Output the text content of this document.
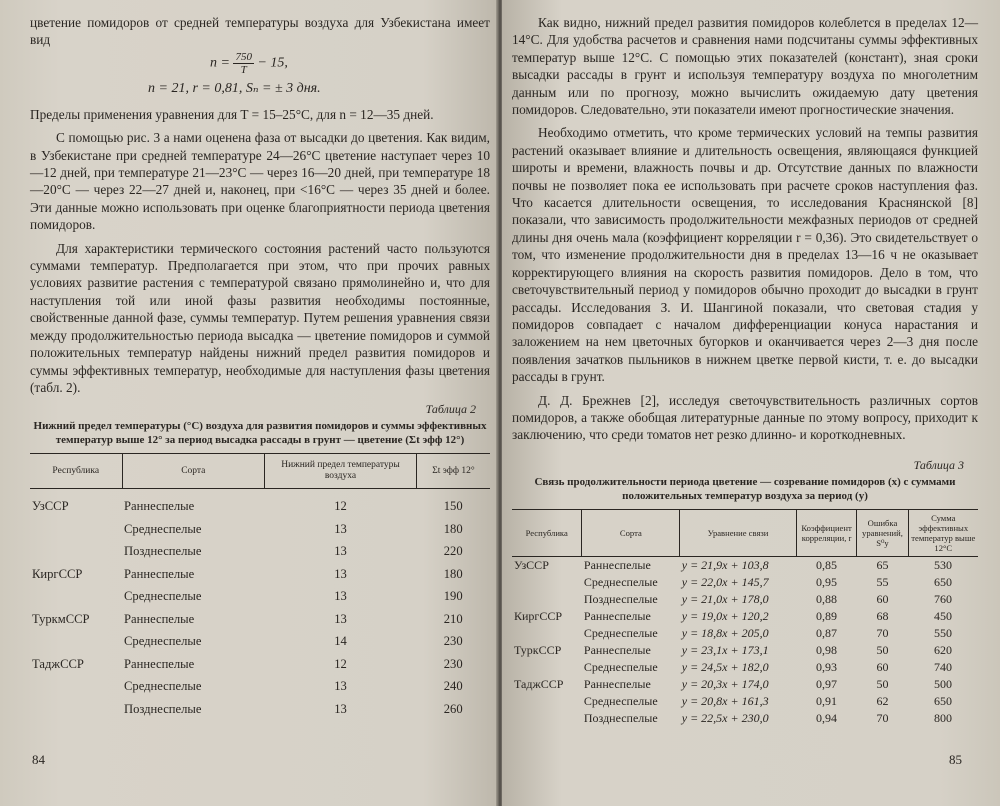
цветение помидоров от средней температуры воздуха для Узбекистана имеет вид

$n = \frac{750}{T} - 15$,
n = 21, r = 0,81, Sₙ = ± 3 дня.

Пределы применения уравнения для T = 15–25°C, для n = 12—35 дней.

С помощью рис. 3 а нами оценена фаза от высадки до цветения. Как видим, в Узбекистане при средней температуре 24—26°C цветение наступает через 10—12 дней, при температуре 21—23°C — через 16—20 дней, при температуре 18—20°C — через 22—27 дней и, наконец, при <16°C — через 35 дней и более. Эти данные можно использовать при оценке благоприятности периода цветения помидоров.

Для характеристики термического состояния растений часто пользуются суммами температур. Предполагается при этом, что при прочих равных условиях развитие растения с температурой связано прямолинейно и, что для наступления той или иной фазы развития необходимы постоянные, свойственные данной фазе, суммы температур. Путем решения уравнения связи между продолжительностью периода высадка — цветение помидоров и суммой положительных температур найдены нижний предел развития помидоров и суммы эффективных температур, необходимые для наступления фазы цветения (табл. 2).

Таблица 2
Нижний предел температуры (°C) воздуха для развития помидоров и суммы эффективных температур выше 12° за период высадка рассады в грунт — цветение (Σt эфф 12°)
Республика	Сорта	Нижний предел температуры воздуха	Σt эфф 12°
УзССР	Раннеспелые	12	150
	Среднеспелые	13	180
	Позднеспелые	13	220
КиргССР	Раннеспелые	13	180
	Среднеспелые	13	190
ТуркмССР	Раннеспелые	13	210
	Среднеспелые	14	230
ТаджССР	Раннеспелые	12	230
	Среднеспелые	13	240
	Позднеспелые	13	260
84

Как видно, нижний предел развития помидоров колеблется в пределах 12—14°C. Для удобства расчетов и сравнения нами подсчитаны суммы эффективных температур выше 12°C. С помощью этих показателей (констант), зная сроки высадки рассады в грунт и используя температуру воздуха по многолетним данным или по прогнозу, можно вычислить ожидаемую дату цветения помидоров. Следовательно, эти показатели имеют прогностические значения.

Необходимо отметить, что кроме термических условий на темпы развития растений оказывает влияние и длительность освещения, являющаяся функцией широты и времени, влажность почвы и др. Отсутствие данных по влажности почвы не позволяет пока ее использовать при расчете сроков наступления фаз. Что касается длительности освещения, то исследования Краснянской [8] показали, что зависимость продолжительности межфазных периодов от средней длины дня очень мала (коэффициент корреляции r = 0,36). Это свидетельствует о том, что изменение продолжительности дня в пределах 13—16 ч не оказывает корректирующего влияния на скорость развития помидоров. Дело в том, что светочувствительный период у помидоров обычно проходит до высадки в грунт рассады. Исследования З. И. Шангиной показали, что световая стадия у помидоров совпадает с началом дифференциации конуса нарастания и заложением на нем цветочных бугорков и оканчивается через 2—3 дня после появления зачатков пыльников в нижнем цветке первой кисти, т. е. до высадки рассады в грунт.

Д. Д. Брежнев [2], исследуя светочувствительность различных сортов помидоров, а также обобщая литературные данные по этому вопросу, приходит к заключению, что среди томатов нет резко длинно- и короткодневных.

Таблица 3
Связь продолжительности периода цветение — созревание помидоров (x) с суммами положительных температур воздуха за период (y)
Республика	Сорта	Уравнение связи	Коэффициент корреляции, r	Ошибка уравнений, S⁰y	Сумма эффективных температур выше 12°C
УзССР	Раннеспелые	y = 21,9x + 103,8	0,85	65	530
	Среднеспелые	y = 22,0x + 145,7	0,95	55	650
	Позднеспелые	y = 21,0x + 178,0	0,88	60	760
КиргССР	Раннеспелые	y = 19,0x + 120,2	0,89	68	450
	Среднеспелые	y = 18,8x + 205,0	0,87	70	550
ТуркССР	Раннеспелые	y = 23,1x + 173,1	0,98	50	620
	Среднеспелые	y = 24,5x + 182,0	0,93	60	740
ТаджССР	Раннеспелые	y = 20,3x + 174,0	0,97	50	500
	Среднеспелые	y = 20,8x + 161,3	0,91	62	650
	Позднеспелые	y = 22,5x + 230,0	0,94	70	800
85
